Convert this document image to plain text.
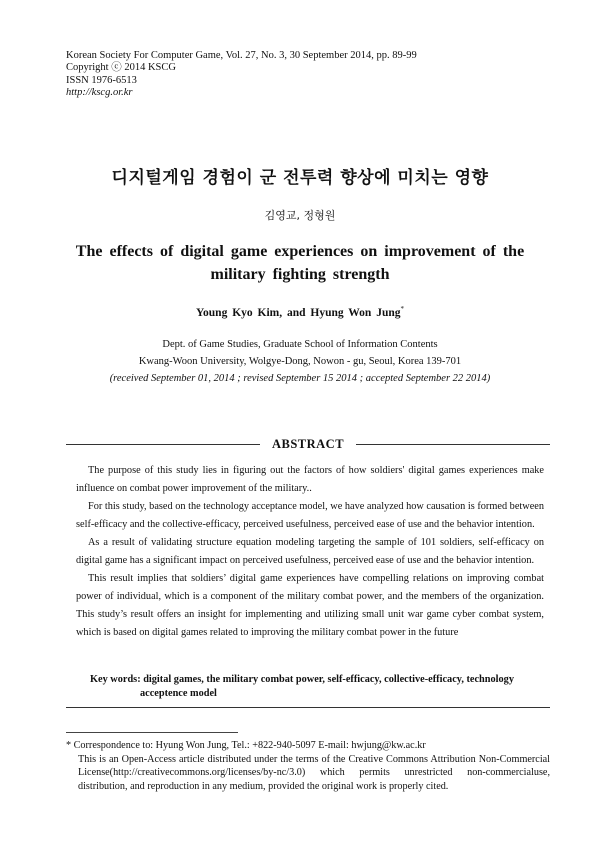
Korean Society For Computer Game, Vol. 27, No. 3, 30 September 2014, pp. 89-99
Copyright ⓒ 2014 KSCG
ISSN 1976-6513
http://kscg.or.kr
디지털게임 경험이 군 전투력 향상에 미치는 영향
김영교, 정형원
The effects of digital game experiences on improvement of the military fighting strength
Young Kyo Kim, and Hyung Won Jung*
Dept. of Game Studies, Graduate School of Information Contents
Kwang-Woon University, Wolgye-Dong, Nowon - gu, Seoul, Korea 139-701
(received September 01, 2014 ; revised September 15 2014 ; accepted September 22 2014)
ABSTRACT

The purpose of this study lies in figuring out the factors of how soldiers' digital games experiences make influence on combat power improvement of the military..

For this study, based on the technology acceptance model, we have analyzed how causation is formed between self-efficacy and the collective-efficacy, perceived usefulness, perceived ease of use and the behavior intention.

As a result of validating structure equation modeling targeting the sample of 101 soldiers, self-efficacy on digital game has a significant impact on perceived usefulness, perceived ease of use and the behavior intention.

This result implies that soldiers’ digital game experiences have compelling relations on improving combat power of individual, which is a component of the military combat power, and the members of the organization. This study’s result offers an insight for implementing and utilizing small unit war game cyber combat system, which is based on digital games related to improving the military combat power in the future

Key words: digital games, the military combat power, self-efficacy, collective-efficacy, technology acceptence model
* Correspondence to: Hyung Won Jung, Tel.: +822-940-5097 E-mail: hwjung@kw.ac.kr
This is an Open-Access article distributed under the terms of the Creative Commons Attribution Non-Commercial License(http://creativecommons.org/licenses/by-nc/3.0) which permits unrestricted non-commercialuse, distribution, and reproduction in any medium, provided the original work is properly cited.
